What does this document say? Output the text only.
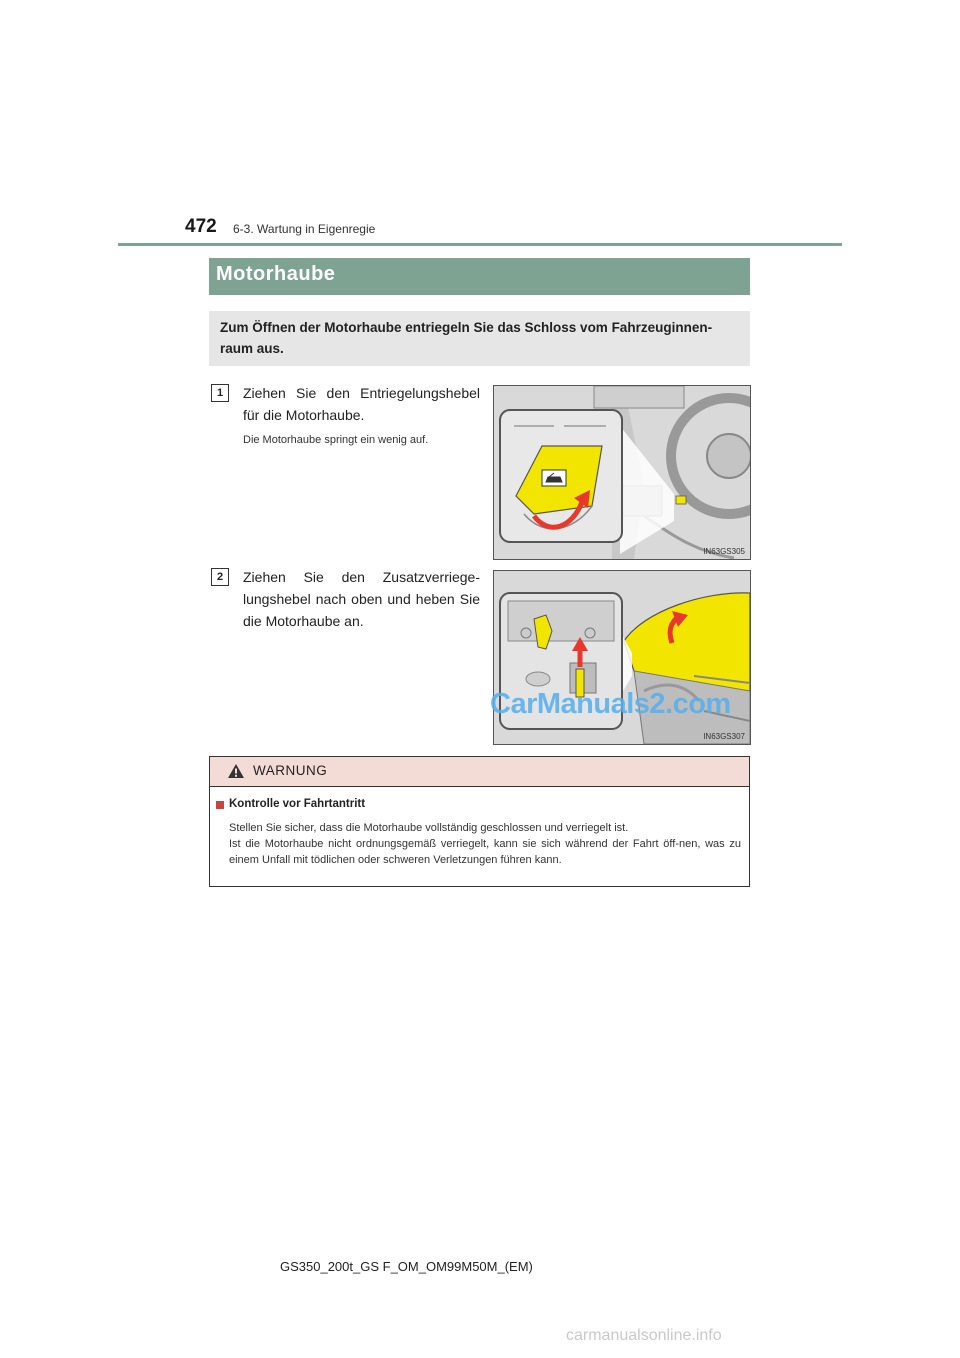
472 6-3. Wartung in Eigenregie
Motorhaube
Zum Öffnen der Motorhaube entriegeln Sie das Schloss vom Fahrzeuginnen-raum aus.
1	Ziehen Sie den Entriegelungshebel für die Motorhaube.
Die Motorhaube springt ein wenig auf.
IN63GS305
2	Ziehen Sie den Zusatzverriege-lungshebel nach oben und heben Sie die Motorhaube an.
IN63GS307
CarManuals2.com
WARNUNG
Kontrolle vor Fahrtantritt
Stellen Sie sicher, dass die Motorhaube vollständig geschlossen und verriegelt ist.
Ist die Motorhaube nicht ordnungsgemäß verriegelt, kann sie sich während der Fahrt öff-nen, was zu einem Unfall mit tödlichen oder schweren Verletzungen führen kann.
GS350_200t_GS F_OM_OM99M50M_(EM)
carmanualsonline.info
